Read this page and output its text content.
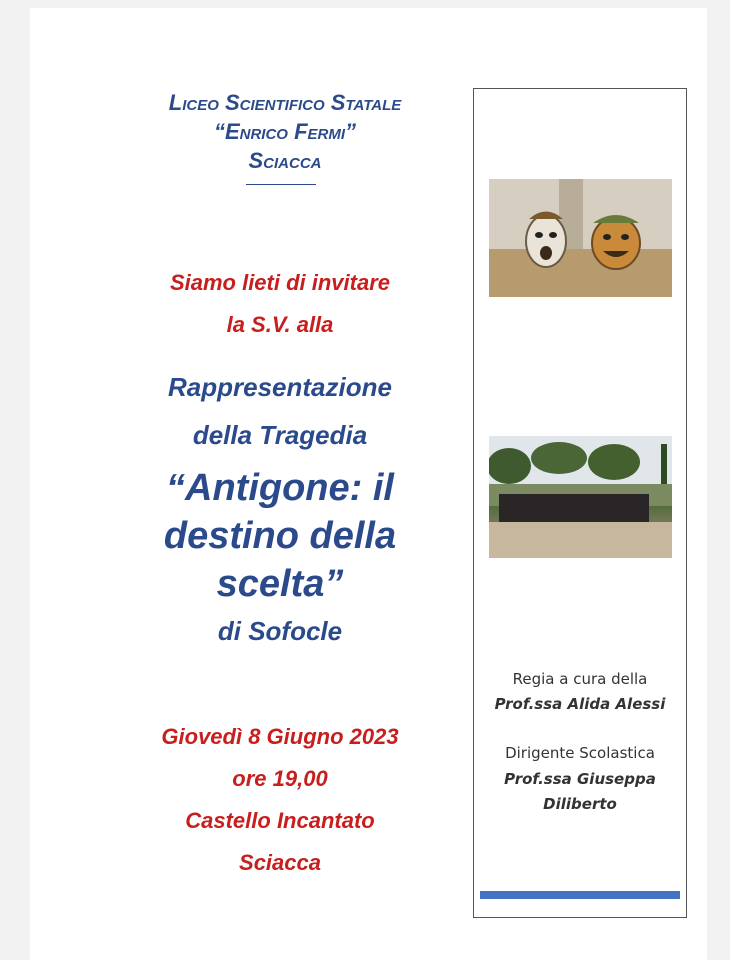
Liceo Scientifico Statale
“Enrico Fermi”
Sciacca
Siamo lieti di invitare
la S.V. alla
Rappresentazione
della Tragedia
“Antigone: il
destino della
scelta”
di Sofocle
Giovedì 8 Giugno 2023
ore 19,00
Castello Incantato
Sciacca
Regia a cura della
Prof.ssa Alida Alessi
Dirigente Scolastica
Prof.ssa Giuseppa
Diliberto
